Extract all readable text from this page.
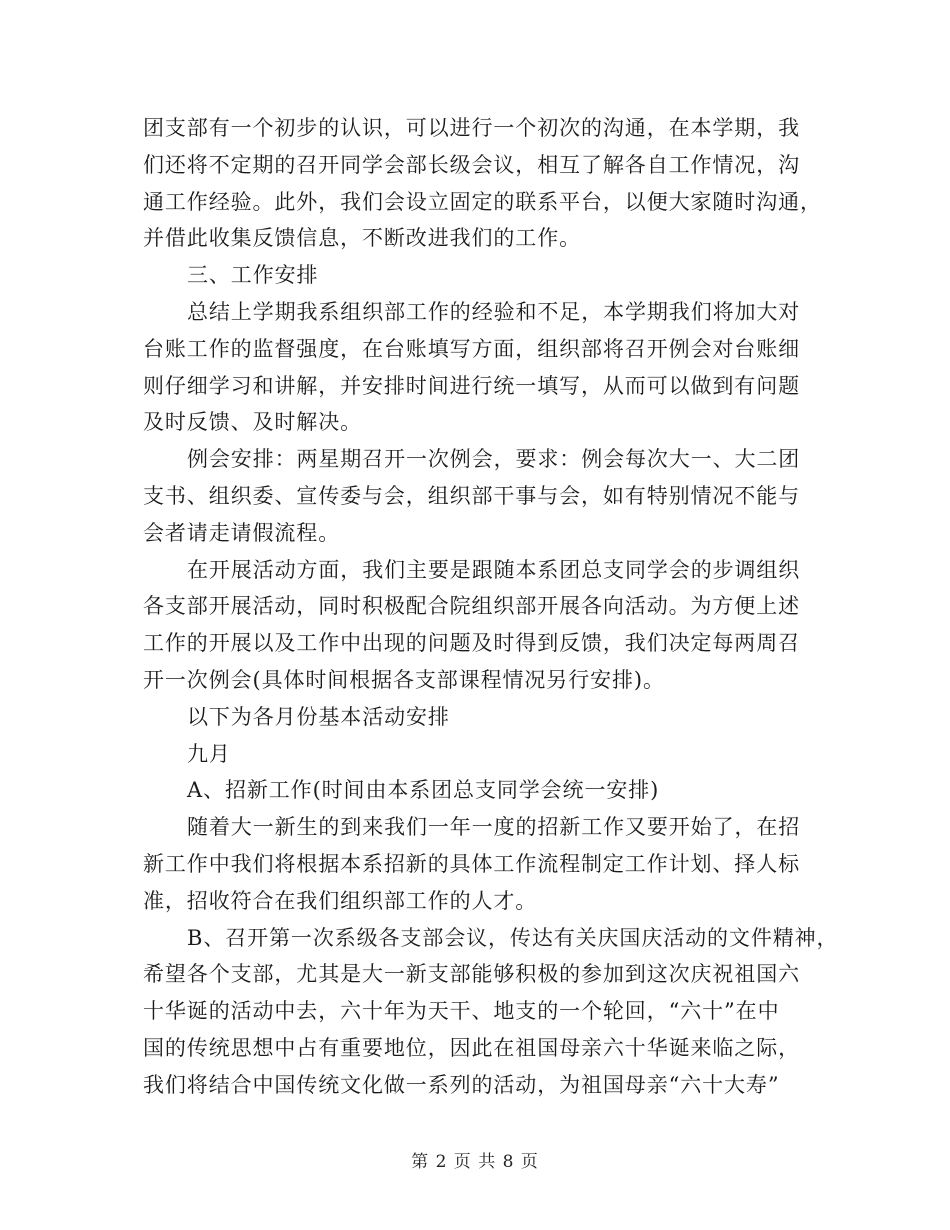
团支部有一个初步的认识，可以进行一个初次的沟通，在本学期，我
们还将不定期的召开同学会部长级会议，相互了解各自工作情况，沟
通工作经验。此外，我们会设立固定的联系平台，以便大家随时沟通，
并借此收集反馈信息，不断改进我们的工作。
三、工作安排
总结上学期我系组织部工作的经验和不足，本学期我们将加大对
台账工作的监督强度，在台账填写方面，组织部将召开例会对台账细
则仔细学习和讲解，并安排时间进行统一填写，从而可以做到有问题
及时反馈、及时解决。
例会安排：两星期召开一次例会，要求：例会每次大一、大二团
支书、组织委、宣传委与会，组织部干事与会，如有特别情况不能与
会者请走请假流程。
在开展活动方面，我们主要是跟随本系团总支同学会的步调组织
各支部开展活动，同时积极配合院组织部开展各向活动。为方便上述
工作的开展以及工作中出现的问题及时得到反馈，我们决定每两周召
开一次例会(具体时间根据各支部课程情况另行安排)。
以下为各月份基本活动安排
九月
A、招新工作(时间由本系团总支同学会统一安排)
随着大一新生的到来我们一年一度的招新工作又要开始了，在招
新工作中我们将根据本系招新的具体工作流程制定工作计划、择人标
准，招收符合在我们组织部工作的人才。
B、召开第一次系级各支部会议，传达有关庆国庆活动的文件精神，
希望各个支部，尤其是大一新支部能够积极的参加到这次庆祝祖国六
十华诞的活动中去，六十年为天干、地支的一个轮回，“六十”在中
国的传统思想中占有重要地位，因此在祖国母亲六十华诞来临之际，
我们将结合中国传统文化做一系列的活动，为祖国母亲“六十大寿”
第 2 页 共 8 页
